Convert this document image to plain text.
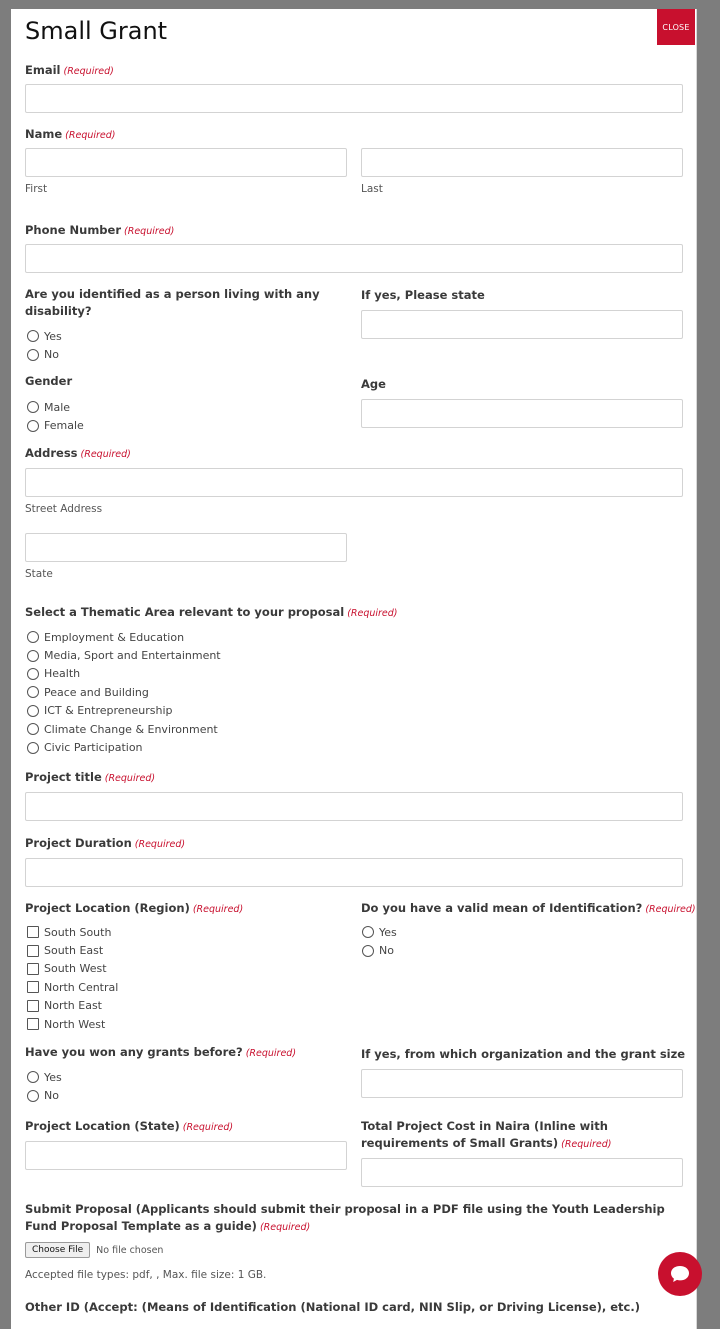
CLOSE
Small Grant
Email (Required)
Name (Required)
First	Last
Phone Number (Required)
Are you identified as a person living with any disability?
Yes
No
If yes, Please state
Gender
Male
Female
Age
Address (Required)
Street Address
State
Select a Thematic Area relevant to your proposal (Required)
Employment & Education
Media, Sport and Entertainment
Health
Peace and Building
ICT & Entrepreneurship
Climate Change & Environment
Civic Participation
Project title (Required)
Project Duration (Required)
Project Location (Region) (Required)
South South
South East
South West
North Central
North East
North West
Do you have a valid mean of Identification? (Required)
Yes
No
Have you won any grants before? (Required)
Yes
No
If yes, from which organization and the grant size
Project Location (State) (Required)	Total Project Cost in Naira (Inline with requirements of Small Grants) (Required)
Submit Proposal (Applicants should submit their proposal in a PDF file using the Youth Leadership Fund Proposal Template as a guide) (Required)
Choose File	No file chosen
Accepted file types: pdf, , Max. file size: 1 GB.
Other ID (Accept: (Means of Identification (National ID card, NIN Slip, or Driving License), etc.)
